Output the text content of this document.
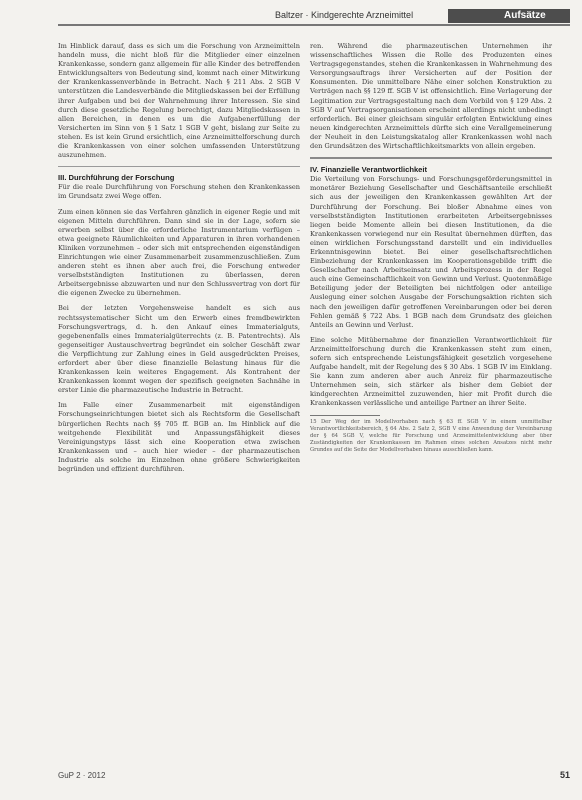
Baltzer · Kindgerechte Arzneimittel	Aufsätze

Im Hinblick darauf, dass es sich um die Forschung von Arzneimitteln handeln muss, die nicht bloß für die Mitglieder einer einzelnen Krankenkasse, sondern ganz allgemein für alle Kinder des betreffenden Entwicklungsalters von Bedeutung sind, kommt nach einer Mitwirkung der Krankenkassenverbände in Betracht. Nach § 211 Abs. 2 SGB V unterstützen die Landesverbände die Mitgliedskassen bei der Erfüllung ihrer Aufgaben und bei der Wahrnehmung ihrer Interessen. Sie sind durch diese gesetzliche Regelung berechtigt, dazu Mitgliedskassen in allen Bereichen, in denen es um die Aufgabenerfüllung der Versicherten im Sinn von § 1 Satz 1 SGB V geht, bislang zur Seite zu stehen. Es ist kein Grund ersichtlich, eine Arzneimittelforschung durch die Krankenkassen von einer solchen umfassenden Unterstützung auszunehmen.

III. Durchführung der Forschung

Für die reale Durchführung von Forschung stehen den Krankenkassen im Grundsatz zwei Wege offen.

Zum einen können sie das Verfahren gänzlich in eigener Regie und mit eigenen Mitteln durchführen. Dann sind sie in der Lage, sofern sie erwerben selbst über die erforderliche Instrumentarium verfügen – etwa geeignete Räumlichkeiten und Apparaturen in ihren vorhandenen Kliniken vorzunehmen – oder sich mit entsprechenden eigenständigen Einrichtungen wie einer Zusammenarbeit zusammenzuschließen. Zum anderen steht es ihnen aber auch frei, die Forschung entweder verselbstständigten Institutionen zu überlassen, deren Arbeitsergebnisse abzuwarten und nur den Schlussvertrag von dort für die eigenen Zwecke zu übernehmen.

Bei der letzten Vorgehensweise handelt es sich aus rechtssystematischer Sicht um den Erwerb eines fremdbewirkten Forschungsvertrags, d. h. den Ankauf eines Immaterialguts, gegebenenfalls eines Immaterialgüterrechts (z. B. Patentrechts). Als gegenseitiger Austauschvertrag begründet ein solcher Geschäft zwar die Verpflichtung zur Zahlung eines in Geld ausgedrückten Preises, erfordert aber über diese finanzielle Belastung hinaus für die Krankenkassen kein weiteres Engagement. Als Kontrahent der Krankenkassen kommt wegen der spezifisch geeigneten Sachnähe in erster Linie die pharmazeutische Industrie in Betracht.

Im Falle einer Zusammenarbeit mit eigenständigen Forschungseinrichtungen bietet sich als Rechtsform die Gesellschaft bürgerlichen Rechts nach §§ 705 ff. BGB an. Im Hinblick auf die weitgehende Flexibilität und Anpassungsfähigkeit dieses Vereinigungstyps lässt sich eine Kooperation etwa zwischen Krankenkassen und – auch hier wieder – der pharmazeutischen Industrie als solche im Einzelnen ohne größere Schwierigkeiten begründen und effizient durchführen.

ren. Während die pharmazeutischen Unternehmen ihr wissenschaftliches Wissen die Rolle des Produzenten eines Vertragsgegenstandes, stehen die Krankenkassen in Wahrnehmung des Versorgungsauftrags ihrer Versicherten auf der Position der Konsumenten. Die unmittelbare Nähe einer solchen Konstruktion zu Verträgen nach §§ 129 ff. SGB V ist offensichtlich. Eine Verlagerung der Legitimation zur Vertragsgestaltung nach dem Vorbild von § 129 Abs. 2 SGB V auf Vertragsorganisationen erscheint allerdings nicht unbedingt erforderlich. Bei einer gleichsam singulär erfolgten Entwicklung eines neuen kindgerechten Arzneimittels dürfte sich eine Verallgemeinerung der Neuheit in den Leistungskatalog aller Krankenkassen wohl nach den Grundsätzen des Wirtschaftlichkeitsmarkts von allein ergeben.

IV. Finanzielle Verantwortlichkeit

Die Verteilung von Forschungs- und Forschungsgeförderungsmittel in monetärer Beziehung Gesellschafter und Geschäftsanteile erschließt sich aus der jeweiligen den Krankenkassen gewählten Art der Durchführung der Forschung. Bei bloßer Abnahme eines von verselbstständigten Institutionen erarbeiteten Arbeitsergebnisses liegen beide Momente allein bei diesen Institutionen, da die Krankenkassen vorwiegend nur ein Resultat übernehmen dürften, das einen wirklichen Forschungsstand darstellt und ein individuelles Erkenntnisgewinn bietet. Bei einer gesellschaftsrechtlichen Einbeziehung der Krankenkassen im Kooperationsgebilde trifft die Gesellschafter nach Arbeitseinsatz und Arbeitsprozess in der Regel auch eine Gemeinschaftlichkeit von Gewinn und Verlust. Quotenmäßige Beteiligung jeder der Beteiligten bei nichtfolgen oder anteilige Auslegung einer solchen Ausgabe der Forschungsaktion richten sich nach den jeweiligen dafür getroffenen Vereinbarungen oder bei deren Fehlen gemäß § 722 Abs. 1 BGB nach dem Grundsatz des gleichen Anteils an Gewinn und Verlust.

Eine solche Mitübernahme der finanziellen Verantwortlichkeit für Arzneimittelforschung durch die Krankenkassen steht zum einen, sofern sich entsprechende Leistungsfähigkeit gesetzlich vorgesehene Aufgabe handelt, mit der Regelung des § 30 Abs. 1 SGB IV im Einklang. Sie kann zum anderen aber auch Anreiz für pharmazeutische Unternehmen sein, sich stärker als bisher dem Gebiet der kindgerechten Arzneimittel zuzuwenden, hier mit Profit durch die Krankenkassen verlässliche und anteilige Partner an ihrer Seite.

15 Der Weg der im Modellvorhaben nach § 63 ff. SGB V in einem unmittelbar Verantwortlichkeitsbereich, § 64 Abs. 2 Satz 2, SGB V eine Anwendung der Vereinbarung der § 64 SGB V, welche für Forschung und Arzneimittelentwicklung aber über Zuständigkeiten der Krankenkassen im Rahmen eines solchen Ansatzes nicht mehr Grundes auf die Seite der Modellvorhaben hinaus ausschließen kann.

GuP 2 · 2012	51
